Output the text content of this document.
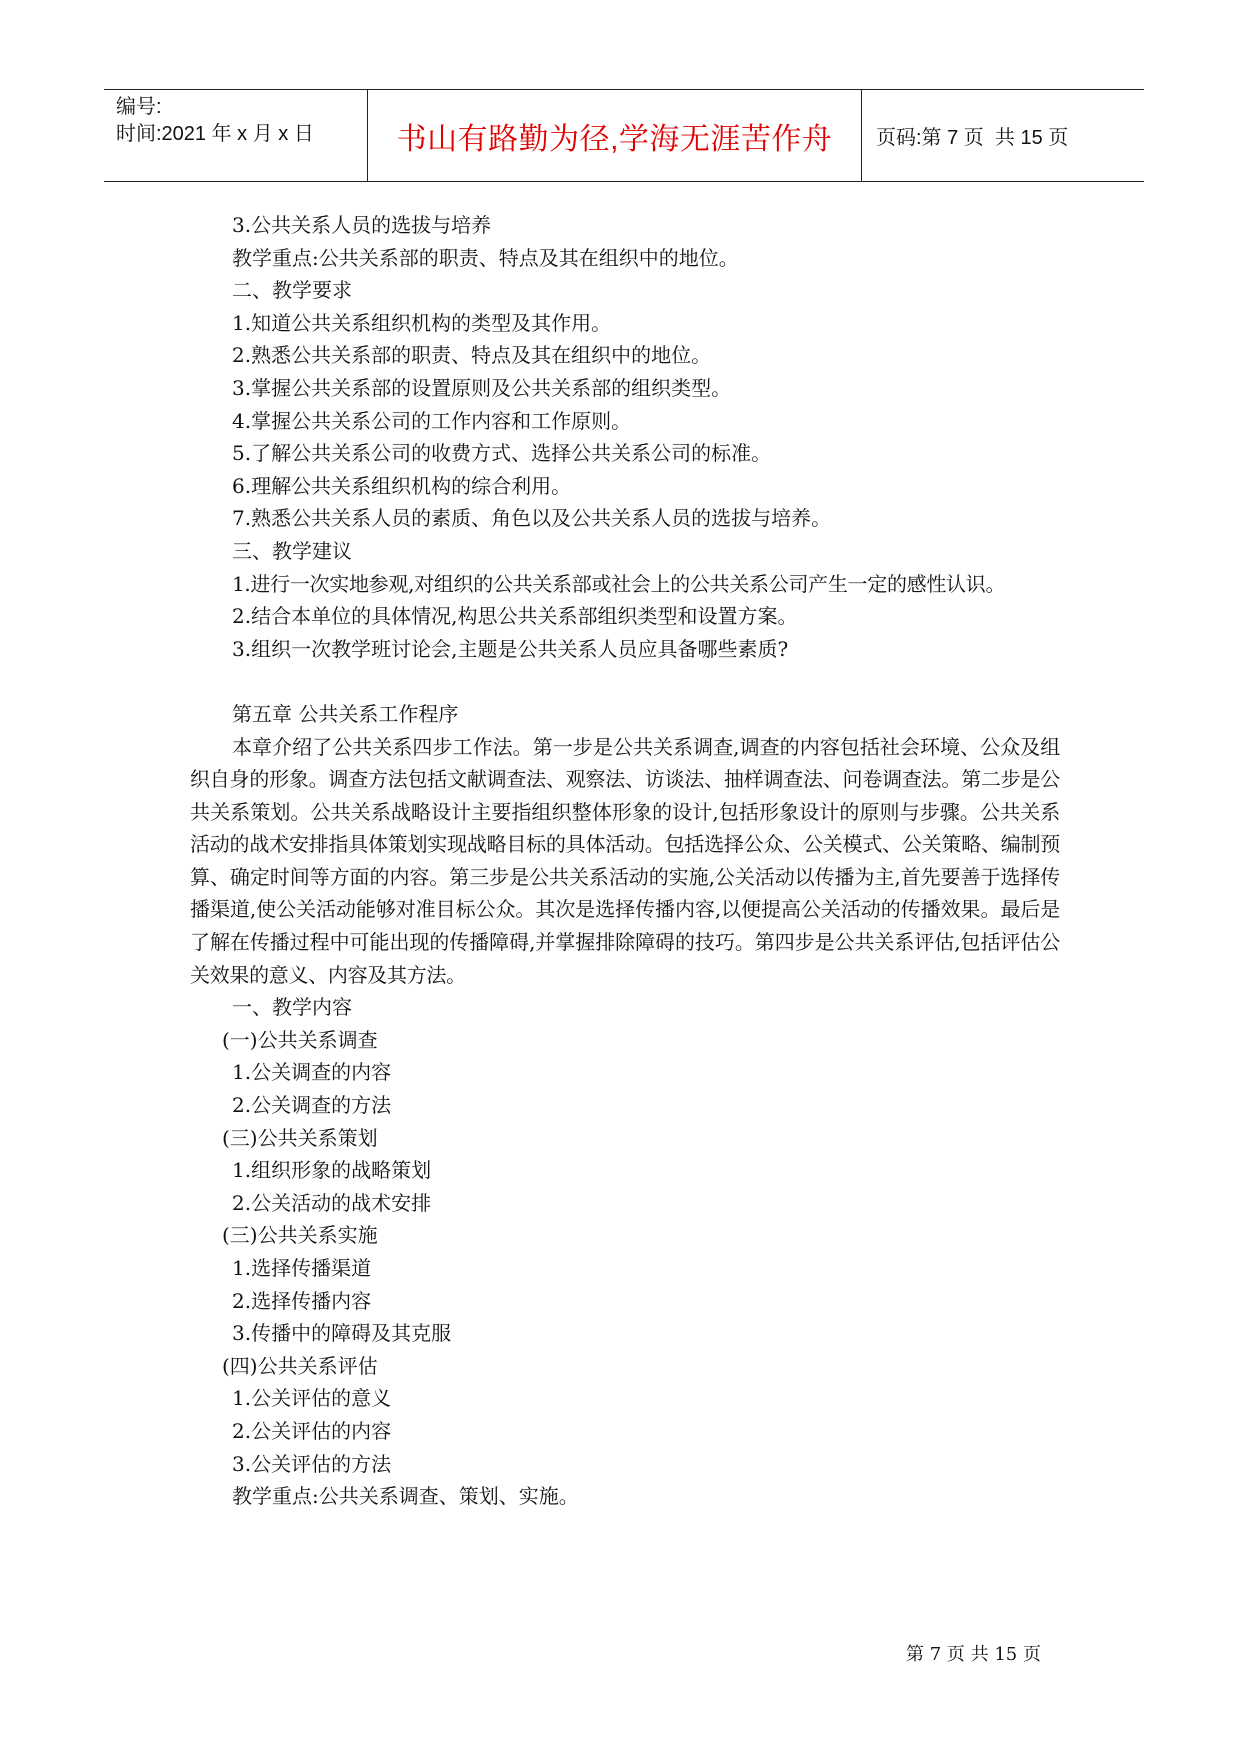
编号:
时间:2021 年 x 月 x 日	书山有路勤为径,学海无涯苦作舟 页码:第 7 页  共 15 页

3.公共关系人员的选拔与培养

教学重点:公共关系部的职责、特点及其在组织中的地位。

二、教学要求

1.知道公共关系组织机构的类型及其作用。

2.熟悉公共关系部的职责、特点及其在组织中的地位。

3.掌握公共关系部的设置原则及公共关系部的组织类型。

4.掌握公共关系公司的工作内容和工作原则。

5.了解公共关系公司的收费方式、选择公共关系公司的标准。

6.理解公共关系组织机构的综合利用。

7.熟悉公共关系人员的素质、角色以及公共关系人员的选拔与培养。

三、教学建议

1.进行一次实地参观,对组织的公共关系部或社会上的公共关系公司产生一定的感性认识。

2.结合本单位的具体情况,构思公共关系部组织类型和设置方案。

3.组织一次教学班讨论会,主题是公共关系人员应具备哪些素质?

第五章 公共关系工作程序

本章介绍了公共关系四步工作法。第一步是公共关系调查,调查的内容包括社会环境、公众及组织自身的形象。调查方法包括文献调查法、观察法、访谈法、抽样调查法、问卷调查法。第二步是公共关系策划。公共关系战略设计主要指组织整体形象的设计,包括形象设计的原则与步骤。公共关系活动的战术安排指具体策划实现战略目标的具体活动。包括选择公众、公关模式、公关策略、编制预算、确定时间等方面的内容。第三步是公共关系活动的实施,公关活动以传播为主,首先要善于选择传播渠道,使公关活动能够对准目标公众。其次是选择传播内容,以便提高公关活动的传播效果。最后是了解在传播过程中可能出现的传播障碍,并掌握排除障碍的技巧。第四步是公共关系评估,包括评估公关效果的意义、内容及其方法。

一、教学内容

(一)公共关系调查

1.公关调查的内容

2.公关调查的方法

(三)公共关系策划

1.组织形象的战略策划

2.公关活动的战术安排

(三)公共关系实施

1.选择传播渠道

2.选择传播内容

3.传播中的障碍及其克服

(四)公共关系评估

1.公关评估的意义

2.公关评估的内容

3.公关评估的方法

教学重点:公共关系调查、策划、实施。

第 7 页 共 15 页
